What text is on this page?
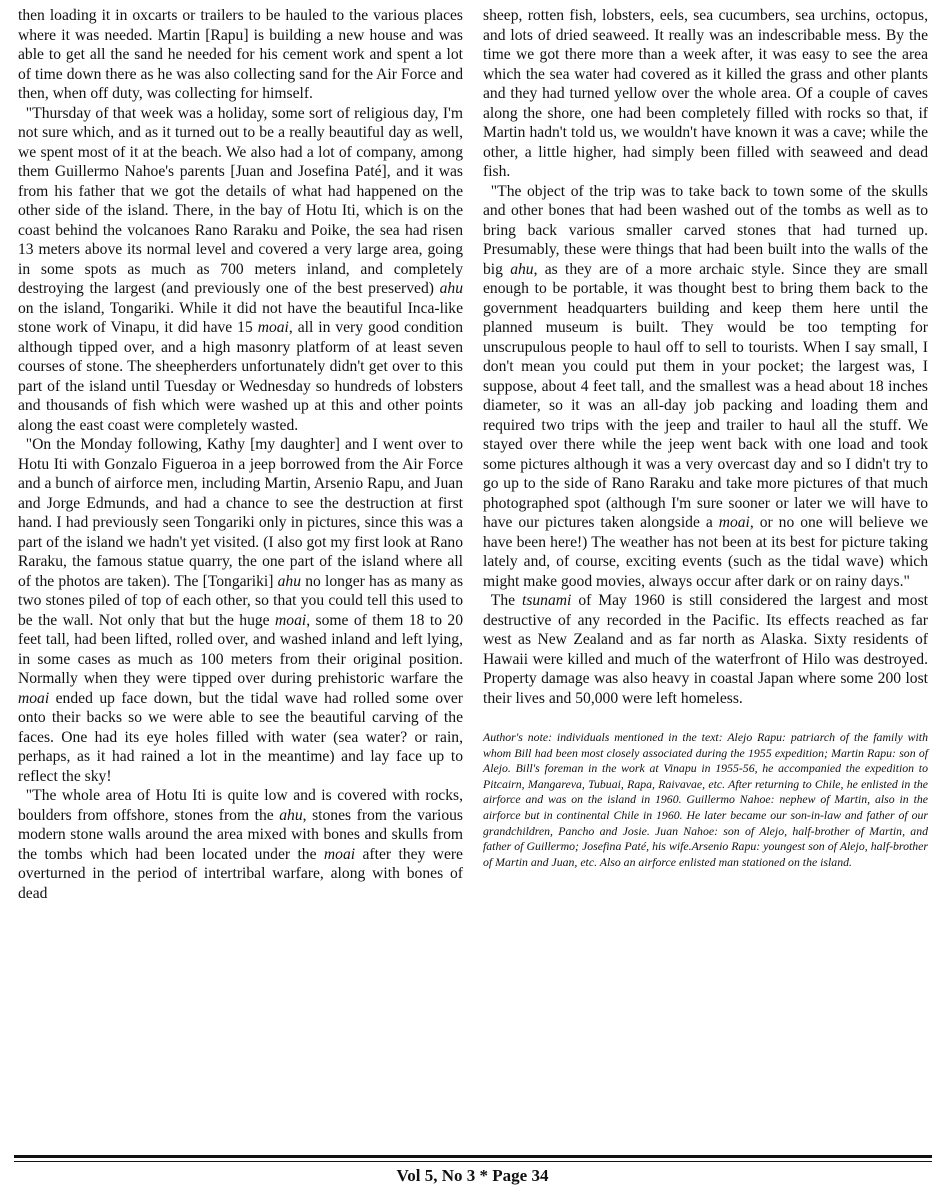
then loading it in oxcarts or trailers to be hauled to the various places where it was needed. Martin [Rapu] is building a new house and was able to get all the sand he needed for his cement work and spent a lot of time down there as he was also collecting sand for the Air Force and then, when off duty, was collecting for himself.

"Thursday of that week was a holiday, some sort of religious day, I'm not sure which, and as it turned out to be a really beautiful day as well, we spent most of it at the beach. We also had a lot of company, among them Guillermo Nahoe's parents [Juan and Josefina Paté], and it was from his father that we got the details of what had happened on the other side of the island. There, in the bay of Hotu Iti, which is on the coast behind the volcanoes Rano Raraku and Poike, the sea had risen 13 meters above its normal level and covered a very large area, going in some spots as much as 700 meters inland, and completely destroying the largest (and previously one of the best preserved) ahu on the island, Tongariki. While it did not have the beautiful Inca-like stone work of Vinapu, it did have 15 moai, all in very good condition although tipped over, and a high masonry platform of at least seven courses of stone. The sheepherders unfortunately didn't get over to this part of the island until Tuesday or Wednesday so hundreds of lobsters and thousands of fish which were washed up at this and other points along the east coast were completely wasted.

"On the Monday following, Kathy [my daughter] and I went over to Hotu Iti with Gonzalo Figueroa in a jeep borrowed from the Air Force and a bunch of airforce men, including Martin, Arsenio Rapu, and Juan and Jorge Edmunds, and had a chance to see the destruction at first hand. I had previously seen Tongariki only in pictures, since this was a part of the island we hadn't yet visited. (I also got my first look at Rano Raraku, the famous statue quarry, the one part of the island where all of the photos are taken). The [Tongariki] ahu no longer has as many as two stones piled of top of each other, so that you could tell this used to be the wall. Not only that but the huge moai, some of them 18 to 20 feet tall, had been lifted, rolled over, and washed inland and left lying, in some cases as much as 100 meters from their original position. Normally when they were tipped over during prehistoric warfare the moai ended up face down, but the tidal wave had rolled some over onto their backs so we were able to see the beautiful carving of the faces. One had its eye holes filled with water (sea water? or rain, perhaps, as it had rained a lot in the meantime) and lay face up to reflect the sky!

"The whole area of Hotu Iti is quite low and is covered with rocks, boulders from offshore, stones from the ahu, stones from the various modern stone walls around the area mixed with bones and skulls from the tombs which had been located under the moai after they were overturned in the period of intertribal warfare, along with bones of dead

sheep, rotten fish, lobsters, eels, sea cucumbers, sea urchins, octopus, and lots of dried seaweed. It really was an indescribable mess. By the time we got there more than a week after, it was easy to see the area which the sea water had covered as it killed the grass and other plants and they had turned yellow over the whole area. Of a couple of caves along the shore, one had been completely filled with rocks so that, if Martin hadn't told us, we wouldn't have known it was a cave; while the other, a little higher, had simply been filled with seaweed and dead fish.

"The object of the trip was to take back to town some of the skulls and other bones that had been washed out of the tombs as well as to bring back various smaller carved stones that had turned up. Presumably, these were things that had been built into the walls of the big ahu, as they are of a more archaic style. Since they are small enough to be portable, it was thought best to bring them back to the government headquarters building and keep them here until the planned museum is built. They would be too tempting for unscrupulous people to haul off to sell to tourists. When I say small, I don't mean you could put them in your pocket; the largest was, I suppose, about 4 feet tall, and the smallest was a head about 18 inches diameter, so it was an all-day job packing and loading them and required two trips with the jeep and trailer to haul all the stuff. We stayed over there while the jeep went back with one load and took some pictures although it was a very overcast day and so I didn't try to go up to the side of Rano Raraku and take more pictures of that much photographed spot (although I'm sure sooner or later we will have to have our pictures taken alongside a moai, or no one will believe we have been here!) The weather has not been at its best for picture taking lately and, of course, exciting events (such as the tidal wave) which might make good movies, always occur after dark or on rainy days."

The tsunami of May 1960 is still considered the largest and most destructive of any recorded in the Pacific. Its effects reached as far west as New Zealand and as far north as Alaska. Sixty residents of Hawaii were killed and much of the waterfront of Hilo was destroyed. Property damage was also heavy in coastal Japan where some 200 lost their lives and 50,000 were left homeless.

Author's note: individuals mentioned in the text: Alejo Rapu: patriarch of the family with whom Bill had been most closely associated during the 1955 expedition; Martin Rapu: son of Alejo. Bill's foreman in the work at Vinapu in 1955-56, he accompanied the expedition to Pitcairn, Mangareva, Tubuai, Rapa, Raivavae, etc. After returning to Chile, he enlisted in the airforce and was on the island in 1960. Guillermo Nahoe: nephew of Martin, also in the airforce but in continental Chile in 1960. He later became our son-in-law and father of our grandchildren, Pancho and Josie. Juan Nahoe: son of Alejo, half-brother of Martin, and father of Guillermo; Josefina Paté, his wife.Arsenio Rapu: youngest son of Alejo, half-brother of Martin and Juan, etc. Also an airforce enlisted man stationed on the island.
Vol 5, No 3 * Page 34
